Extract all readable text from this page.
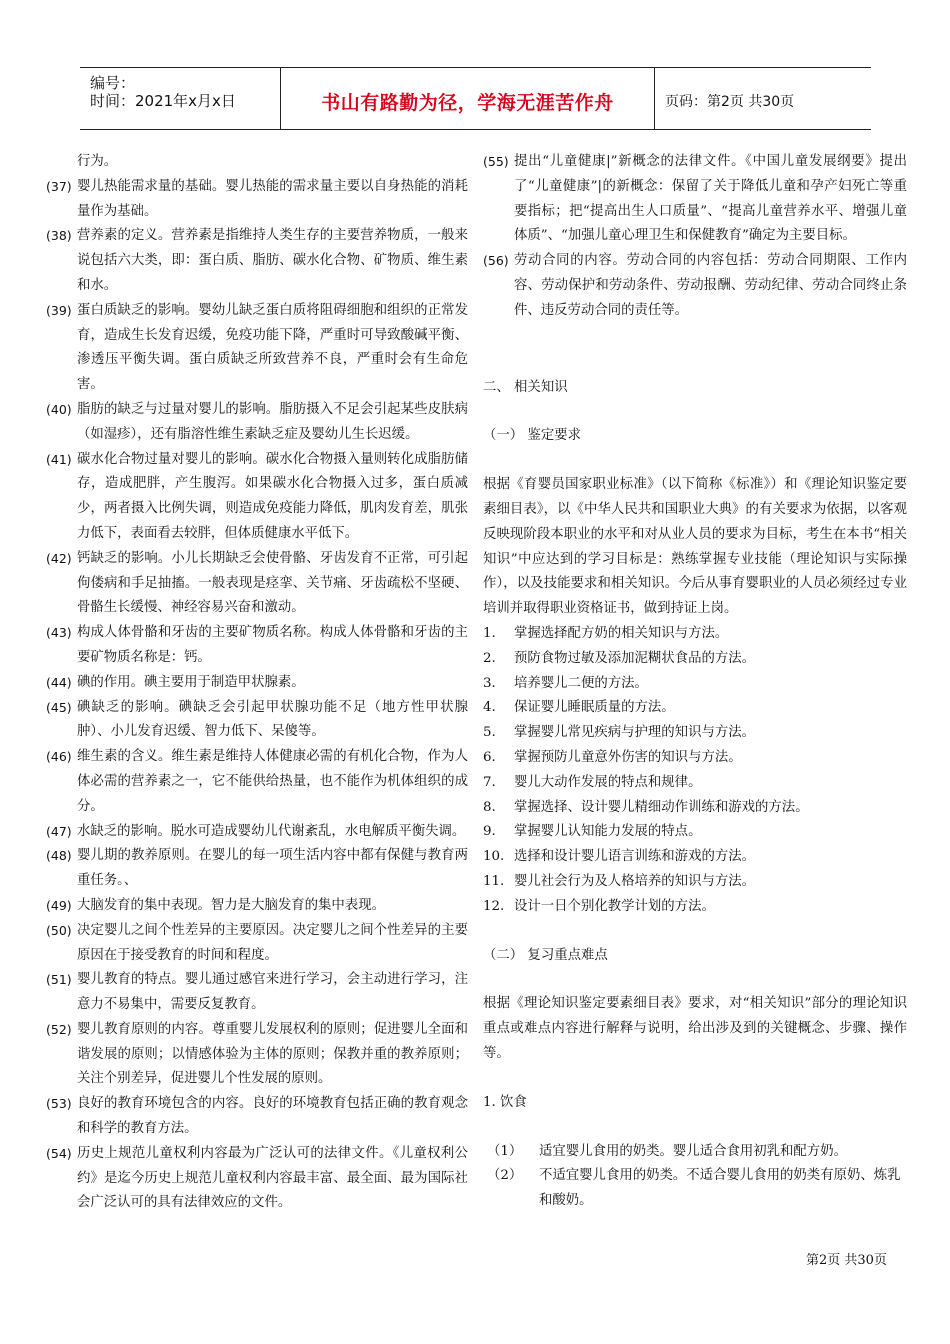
编号：
时间：2021年x月x日	书山有路勤为径，学海无涯苦作舟	页码：第2页 共30页

行为。

(37) 婴儿热能需求量的基础。婴儿热能的需求量主要以自身热能的消耗量作为基础。

(38) 营养素的定义。营养素是指维持人类生存的主要营养物质，一般来说包括六大类，即：蛋白质、脂肪、碳水化合物、矿物质、维生素和水。

(39) 蛋白质缺乏的影响。婴幼儿缺乏蛋白质将阻碍细胞和组织的正常发育，造成生长发育迟缓，免疫功能下降，严重时可导致酸碱平衡、渗透压平衡失调。蛋白质缺乏所致营养不良，严重时会有生命危害。

(40) 脂肪的缺乏与过量对婴儿的影响。脂肪摄入不足会引起某些皮肤病（如湿疹），还有脂溶性维生素缺乏症及婴幼儿生长迟缓。

(41) 碳水化合物过量对婴儿的影响。碳水化合物摄入量则转化成脂肪储存，造成肥胖，产生腹泻。如果碳水化合物摄入过多，蛋白质减少，两者摄入比例失调，则造成免疫能力降低，肌肉发育差，肌张力低下，表面看去较胖，但体质健康水平低下。

(42) 钙缺乏的影响。小儿长期缺乏会使骨骼、牙齿发育不正常，可引起佝偻病和手足抽搐。一般表现是痉挛、关节痛、牙齿疏松不坚硬、骨骼生长缓慢、神经容易兴奋和激动。

(43) 构成人体骨骼和牙齿的主要矿物质名称。构成人体骨骼和牙齿的主要矿物质名称是：钙。

(44) 碘的作用。碘主要用于制造甲状腺素。

(45) 碘缺乏的影响。碘缺乏会引起甲状腺功能不足（地方性甲状腺肿）、小儿发育迟缓、智力低下、呆傻等。

(46) 维生素的含义。维生素是维持人体健康必需的有机化合物，作为人体必需的营养素之一，它不能供给热量，也不能作为机体组织的成分。

(47) 水缺乏的影响。脱水可造成婴幼儿代谢紊乱，水电解质平衡失调。

(48) 婴儿期的教养原则。在婴儿的每一项生活内容中都有保健与教育两重任务。、

(49) 大脑发育的集中表现。智力是大脑发育的集中表现。

(50) 决定婴儿之间个性差异的主要原因。决定婴儿之间个性差异的主要原因在于接受教育的时间和程度。

(51) 婴儿教育的特点。婴儿通过感官来进行学习，会主动进行学习，注意力不易集中，需要反复教育。

(52) 婴儿教育原则的内容。尊重婴儿发展权利的原则；促进婴儿全面和谐发展的原则；以情感体验为主体的原则；保教并重的教养原则；关注个别差异，促进婴儿个性发展的原则。

(53) 良好的教育环境包含的内容。良好的环境教育包括正确的教育观念和科学的教育方法。

(54) 历史上规范儿童权利内容最为广泛认可的法律文件。《儿童权利公约》是迄今历史上规范儿童权利内容最丰富、最全面、最为国际社会广泛认可的具有法律效应的文件。

(55) 提出“儿童健康|”新概念的法律文件。《中国儿童发展纲要》提出了“儿童健康”|的新概念：保留了关于降低儿童和孕产妇死亡等重要指标；把“提高出生人口质量”、“提高儿童营养水平、增强儿童体质”、“加强儿童心理卫生和保健教育”确定为主要目标。

(56) 劳动合同的内容。劳动合同的内容包括：劳动合同期限、工作内容、劳动保护和劳动条件、劳动报酬、劳动纪律、劳动合同终止条件、违反劳动合同的责任等。

二、 相关知识

（一） 鉴定要求

根据《育婴员国家职业标准》（以下简称《标准》）和《理论知识鉴定要素细目表》，以《中华人民共和国职业大典》的有关要求为依据，以客观反映现阶段本职业的水平和对从业人员的要求为目标，考生在本书“相关知识”中应达到的学习目标是：熟练掌握专业技能（理论知识与实际操作），以及技能要求和相关知识。今后从事育婴职业的人员必须经过专业培训并取得职业资格证书，做到持证上岗。

1. 掌握选择配方奶的相关知识与方法。

2. 预防食物过敏及添加泥糊状食品的方法。

3. 培养婴儿二便的方法。

4. 保证婴儿睡眠质量的方法。

5. 掌握婴儿常见疾病与护理的知识与方法。

6. 掌握预防儿童意外伤害的知识与方法。

7. 婴儿大动作发展的特点和规律。

8. 掌握选择、设计婴儿精细动作训练和游戏的方法。

9. 掌握婴儿认知能力发展的特点。

10. 选择和设计婴儿语言训练和游戏的方法。

11. 婴儿社会行为及人格培养的知识与方法。

12. 设计一日个别化教学计划的方法。

（二） 复习重点难点

根据《理论知识鉴定要素细目表》要求，对“相关知识”部分的理论知识重点或难点内容进行解释与说明，给出涉及到的关键概念、步骤、操作等。

1. 饮食

（1） 适宜婴儿食用的奶类。婴儿适合食用初乳和配方奶。

（2） 不适宜婴儿食用的奶类。不适合婴儿食用的奶类有原奶、炼乳和酸奶。

第2页 共30页
